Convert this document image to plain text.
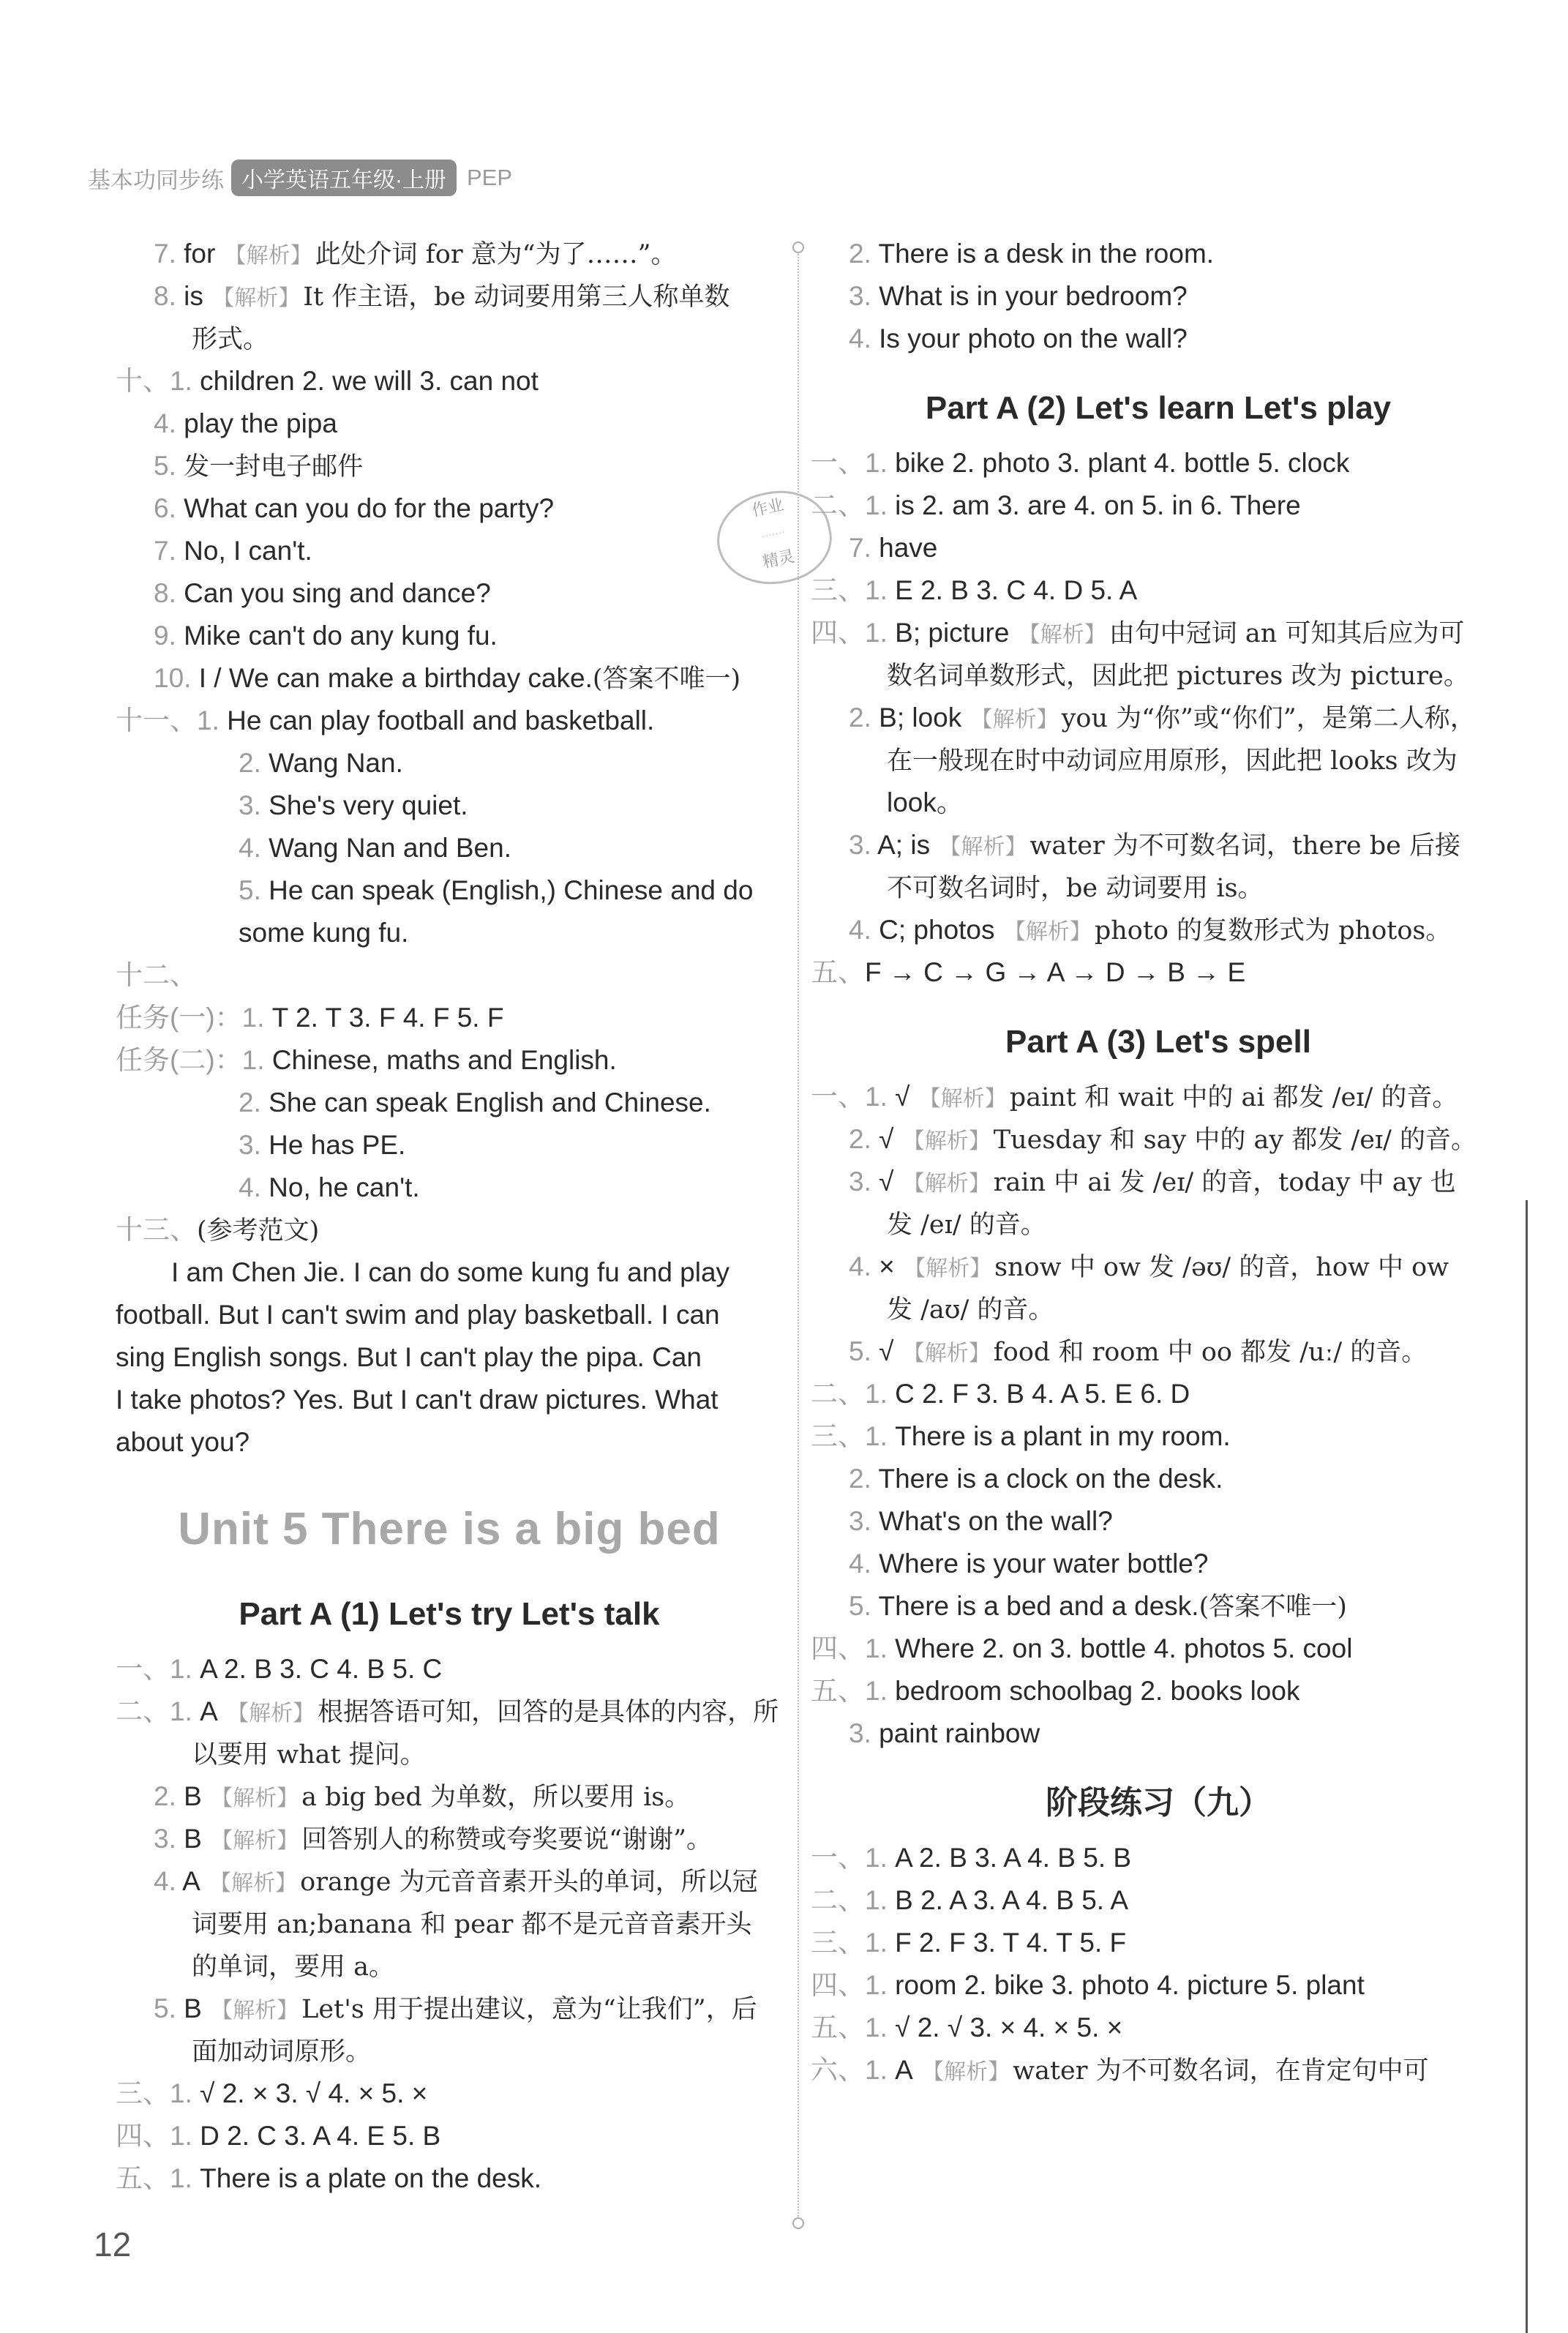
基本功同步练 小学英语五年级·上册 PEP
作业
·······
精灵
7. for 【解析】 此处介词 for 意为“为了……”。
8. is 【解析】 It 作主语，be 动词要用第三人称单数
形式。
十、1. children 2. we will 3. can not
4. play the pipa
5. 发一封电子邮件
6. What can you do for the party?
7. No, I can't.
8. Can you sing and dance?
9. Mike can't do any kung fu.
10. I / We can make a birthday cake.(答案不唯一)
十一、1. He can play football and basketball.
2. Wang Nan.
3. She's very quiet.
4. Wang Nan and Ben.
5. He can speak (English,) Chinese and do
some kung fu.
十二、
任务(一)：1. T 2. T 3. F 4. F 5. F
任务(二)：1. Chinese, maths and English.
2. She can speak English and Chinese.
3. He has PE.
4. No, he can't.
十三、(参考范文)
I am Chen Jie. I can do some kung fu and play
football. But I can't swim and play basketball. I can
sing English songs. But I can't play the pipa. Can
I take photos? Yes. But I can't draw pictures. What
about you?
Unit 5 There is a big bed
Part A (1) Let's try Let's talk
一、1. A 2. B 3. C 4. B 5. C
二、1. A 【解析】 根据答语可知，回答的是具体的内容，所
以要用 what 提问。
2. B 【解析】 a big bed 为单数，所以要用 is。
3. B 【解析】 回答别人的称赞或夸奖要说“谢谢”。
4. A 【解析】 orange 为元音音素开头的单词，所以冠
词要用 an;banana 和 pear 都不是元音音素开头
的单词，要用 a。
5. B 【解析】 Let's 用于提出建议，意为“让我们”，后
面加动词原形。
三、1. √ 2. × 3. √ 4. × 5. ×
四、1. D 2. C 3. A 4. E 5. B
五、1. There is a plate on the desk.
2. There is a desk in the room.
3. What is in your bedroom?
4. Is your photo on the wall?
Part A (2) Let's learn Let's play
一、1. bike 2. photo 3. plant 4. bottle 5. clock
二、1. is 2. am 3. are 4. on 5. in 6. There
7. have
三、1. E 2. B 3. C 4. D 5. A
四、1. B; picture 【解析】 由句中冠词 an 可知其后应为可
数名词单数形式，因此把 pictures 改为 picture。
2. B; look 【解析】 you 为“你”或“你们”，是第二人称，
在一般现在时中动词应用原形，因此把 looks 改为
look。
3. A; is 【解析】 water 为不可数名词，there be 后接
不可数名词时，be 动词要用 is。
4. C; photos 【解析】 photo 的复数形式为 photos。
五、F → C → G → A → D → B → E
Part A (3) Let's spell
一、1. √ 【解析】 paint 和 wait 中的 ai 都发 /eɪ/ 的音。
2. √ 【解析】 Tuesday 和 say 中的 ay 都发 /eɪ/ 的音。
3. √ 【解析】 rain 中 ai 发 /eɪ/ 的音，today 中 ay 也
发 /eɪ/ 的音。
4. × 【解析】 snow 中 ow 发 /əʊ/ 的音，how 中 ow
发 /aʊ/ 的音。
5. √ 【解析】 food 和 room 中 oo 都发 /uː/ 的音。
二、1. C 2. F 3. B 4. A 5. E 6. D
三、1. There is a plant in my room.
2. There is a clock on the desk.
3. What's on the wall?
4. Where is your water bottle?
5. There is a bed and a desk.(答案不唯一)
四、1. Where 2. on 3. bottle 4. photos 5. cool
五、1. bedroom schoolbag 2. books look
3. paint rainbow
阶段练习（九）
一、1. A 2. B 3. A 4. B 5. B
二、1. B 2. A 3. A 4. B 5. A
三、1. F 2. F 3. T 4. T 5. F
四、1. room 2. bike 3. photo 4. picture 5. plant
五、1. √ 2. √ 3. × 4. × 5. ×
六、1. A 【解析】 water 为不可数名词，在肯定句中可
12
